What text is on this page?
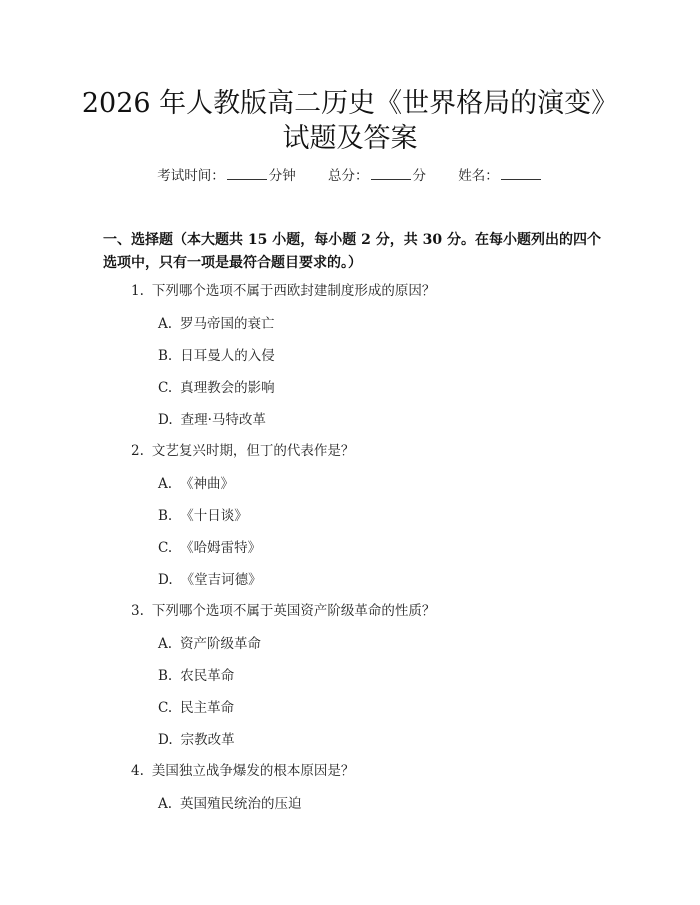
2026 年人教版高二历史《世界格局的演变》
试题及答案
考试时间：	分钟 总分：	分 姓名：
一、选择题（本大题共 15 小题，每小题 2 分，共 30 分。在每小题列出的四个选项中，只有一项是最符合题目要求的。）
1. 下列哪个选项不属于西欧封建制度形成的原因？
A. 罗马帝国的衰亡
B. 日耳曼人的入侵
C. 真理教会的影响
D. 查理·马特改革
2. 文艺复兴时期，但丁的代表作是？
A. 《神曲》
B. 《十日谈》
C. 《哈姆雷特》
D. 《堂吉诃德》
3. 下列哪个选项不属于英国资产阶级革命的性质？
A. 资产阶级革命
B. 农民革命
C. 民主革命
D. 宗教改革
4. 美国独立战争爆发的根本原因是？
A. 英国殖民统治的压迫
